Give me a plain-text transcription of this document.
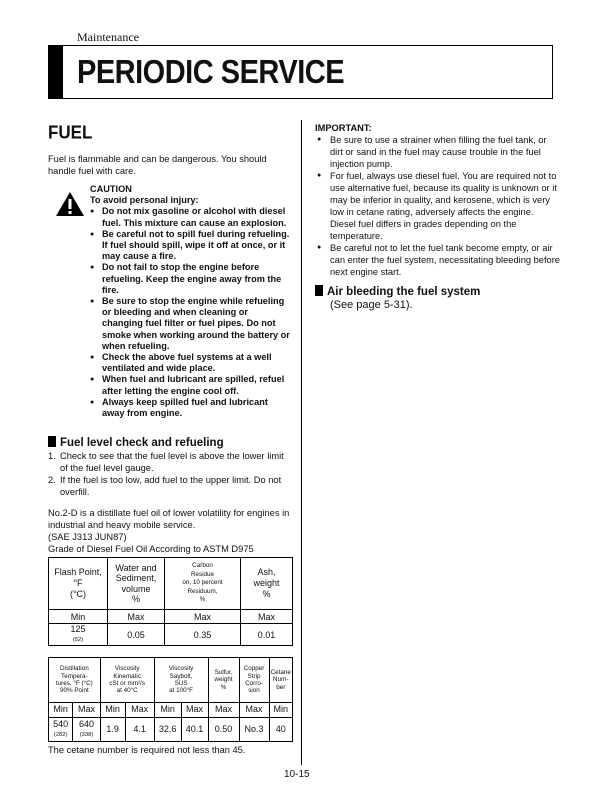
Maintenance
PERIODIC SERVICE
FUEL

Fuel is flammable and can be dangerous. You should handle fuel with care.

CAUTION
To avoid personal injury:
● Do not mix gasoline or alcohol with diesel fuel. This mixture can cause an explosion.
● Be careful not to spill fuel during refueling. If fuel should spill, wipe it off at once, or it may cause a fire.
● Do not fail to stop the engine before refueling. Keep the engine away from the fire.
● Be sure to stop the engine while refueling or bleeding and when cleaning or changing fuel filter or fuel pipes. Do not smoke when working around the battery or when refueling.
● Check the above fuel systems at a well ventilated and wide place.
● When fuel and lubricant are spilled, refuel after letting the engine cool off.
● Always keep spilled fuel and lubricant away from engine.
Fuel level check and refueling
1. Check to see that the fuel level is above the lower limit of the fuel level gauge.
2. If the fuel is too low, add fuel to the upper limit. Do not overfill.

No.2-D is a distillate fuel oil of lower volatility for engines in industrial and heavy mobile service.

(SAE J313 JUN87)

Grade of Diesel Fuel Oil According to ASTM D975

Flash Point,
°F
(°C)	Water and
Sediment,
volume
%	Carbon
Residue
on, 10 percent
Residuum,
%	Ash,
weight
%
Min	Max	Max	Max
125
(52)	0.05	0.35	0.01
Distillation
Tempera-
tures, °F (°C)
90% Point		Viscosity
Kinematic
cSt or mm²/s
at 40°C		Viscosity
Saybolt,
SUS
at 100°F		Sulfur,
weight
%	Copper
Strip
Corro-
sion	Cetane
Num-
ber
Min	Max	Min	Max	Min	Max	Max	Max	Min
540
(282)	640
(338)	1.9	4.1	32.6	40.1	0.50	No.3	40

The cetane number is required not less than 45.

IMPORTANT:
● Be sure to use a strainer when filling the fuel tank, or dirt or sand in the fuel may cause trouble in the fuel injection pump.
● For fuel, always use diesel fuel. You are required not to use alternative fuel, because its quality is unknown or it may be inferior in quality, and kerosene, which is very low in cetane rating, adversely affects the engine. Diesel fuel differs in grades depending on the temperature.
● Be careful not to let the fuel tank become empty, or air can enter the fuel system, necessitating bleeding before next engine start.
Air bleeding the fuel system
(See page 5-31).
10-15
